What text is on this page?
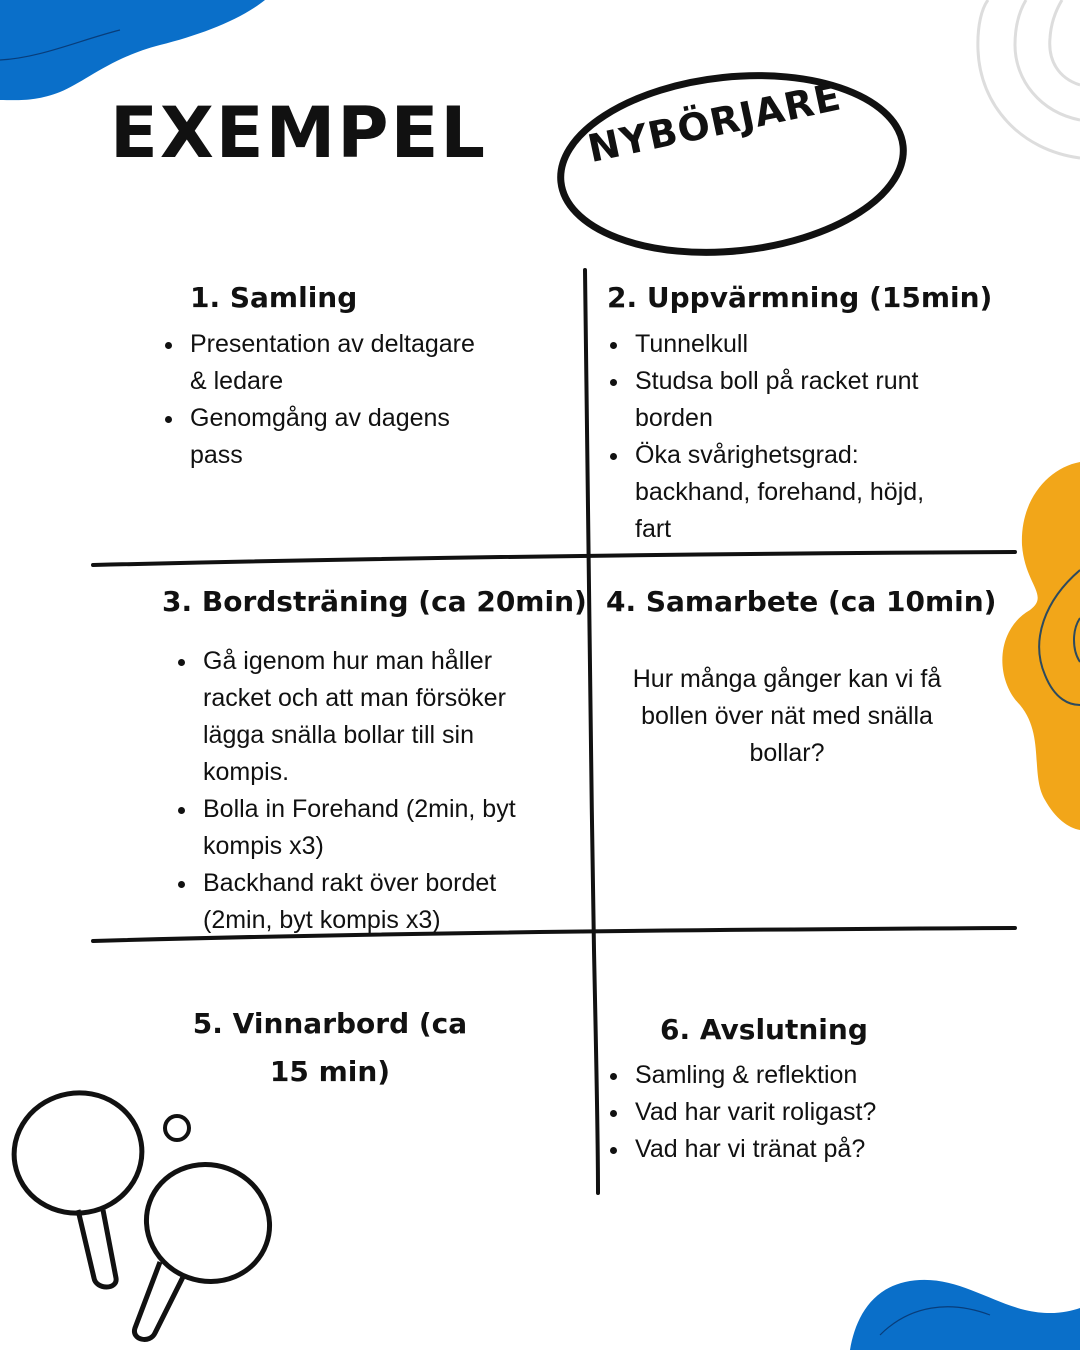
EXEMPEL	NYBÖRJARE
1. Samling
Presentation av deltagare & ledare
Genomgång av dagens pass
2. Uppvärmning (15min)
Tunnelkull
Studsa boll på racket runt borden
Öka svårighetsgrad: backhand, forehand, höjd, fart
3. Bordsträning (ca 20min)
Gå igenom hur man håller racket och att man försöker lägga snälla bollar till sin kompis.
Bolla in Forehand (2min, byt kompis x3)
Backhand rakt över bordet (2min, byt kompis x3)
4. Samarbete (ca 10min)
Hur många gånger kan vi få bollen över nät med snälla bollar?
5. Vinnarbord (ca 15 min)
6. Avslutning
Samling & reflektion
Vad har varit roligast?
Vad har vi tränat på?
